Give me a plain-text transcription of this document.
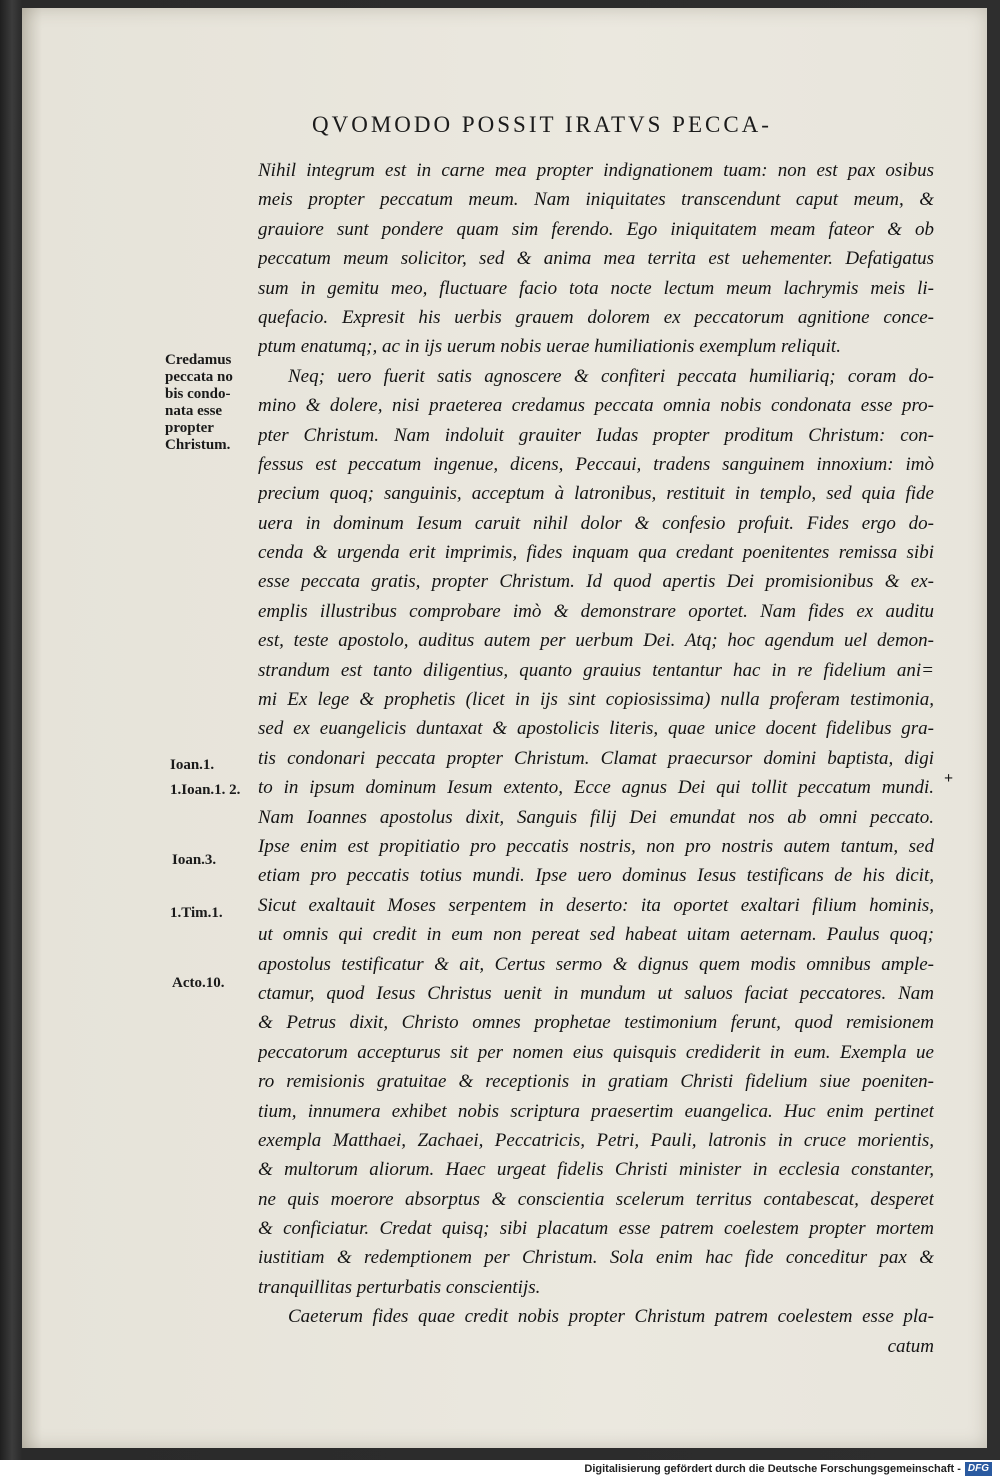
QVOMODO POSSIT IRATVS PECCA-
Nihil integrum est in carne mea propter indignationem tuam: non est pax osibus
meis propter peccatum meum. Nam iniquitates transcendunt caput meum, &
grauiore sunt pondere quam sim ferendo. Ego iniquitatem meam fateor & ob
peccatum meum solicitor, sed & anima mea territa est uehementer. Defatigatus
sum in gemitu meo, fluctuare facio tota nocte lectum meum lachrymis meis li-
quefacio. Expresit his uerbis grauem dolorem ex peccatorum agnitione conce-
ptum enatumq;, ac in ijs uerum nobis uerae humiliationis exemplum reliquit.
Neq; uero fuerit satis agnoscere & confiteri peccata humiliariq; coram do-
mino & dolere, nisi praeterea credamus peccata omnia nobis condonata esse pro-
pter Christum. Nam indoluit grauiter Iudas propter proditum Christum: con-
fessus est peccatum ingenue, dicens, Peccaui, tradens sanguinem innoxium: imò
precium quoq; sanguinis, acceptum à latronibus, restituit in templo, sed quia fide
uera in dominum Iesum caruit nihil dolor & confesio profuit. Fides ergo do-
cenda & urgenda erit imprimis, fides inquam qua credant poenitentes remissa sibi
esse peccata gratis, propter Christum. Id quod apertis Dei promisionibus & ex-
emplis illustribus comprobare imò & demonstrare oportet. Nam fides ex auditu
est, teste apostolo, auditus autem per uerbum Dei. Atq; hoc agendum uel demon-
strandum est tanto diligentius, quanto grauius tentantur hac in re fidelium ani=
mi Ex lege & prophetis (licet in ijs sint copiosissima) nulla proferam testimonia,
sed ex euangelicis duntaxat & apostolicis literis, quae unice docent fidelibus gra-
tis condonari peccata propter Christum. Clamat praecursor domini baptista, digi
to in ipsum dominum Iesum extento, Ecce agnus Dei qui tollit peccatum mundi.
Nam Ioannes apostolus dixit, Sanguis filij Dei emundat nos ab omni peccato.
Ipse enim est propitiatio pro peccatis nostris, non pro nostris autem tantum, sed
etiam pro peccatis totius mundi. Ipse uero dominus Iesus testificans de his dicit,
Sicut exaltauit Moses serpentem in deserto: ita oportet exaltari filium hominis,
ut omnis qui credit in eum non pereat sed habeat uitam aeternam. Paulus quoq;
apostolus testificatur & ait, Certus sermo & dignus quem modis omnibus ample-
ctamur, quod Iesus Christus uenit in mundum ut saluos faciat peccatores. Nam
& Petrus dixit, Christo omnes prophetae testimonium ferunt, quod remisionem
peccatorum accepturus sit per nomen eius quisquis crediderit in eum. Exempla ue
ro remisionis gratuitae & receptionis in gratiam Christi fidelium siue poeniten-
tium, innumera exhibet nobis scriptura praesertim euangelica. Huc enim pertinet
exempla Matthaei, Zachaei, Peccatricis, Petri, Pauli, latronis in cruce morientis,
& multorum aliorum. Haec urgeat fidelis Christi minister in ecclesia constanter,
ne quis moerore absorptus & conscientia scelerum territus contabescat, desperet
& conficiatur. Credat quisq; sibi placatum esse patrem coelestem propter mortem
iustitiam & redemptionem per Christum. Sola enim hac fide conceditur pax &
tranquillitas perturbatis conscientijs.
Caeterum fides quae credit nobis propter Christum patrem coelestem esse pla-
catum
Credamus
peccata no
bis condo-
nata esse
propter
Christum.
Ioan.1.
1.Ioan.1. 2.
Ioan.3.
1.Tim.1.
Acto.10.
+
Digitalisierung gefördert durch die Deutsche Forschungsgemeinschaft - DFG
